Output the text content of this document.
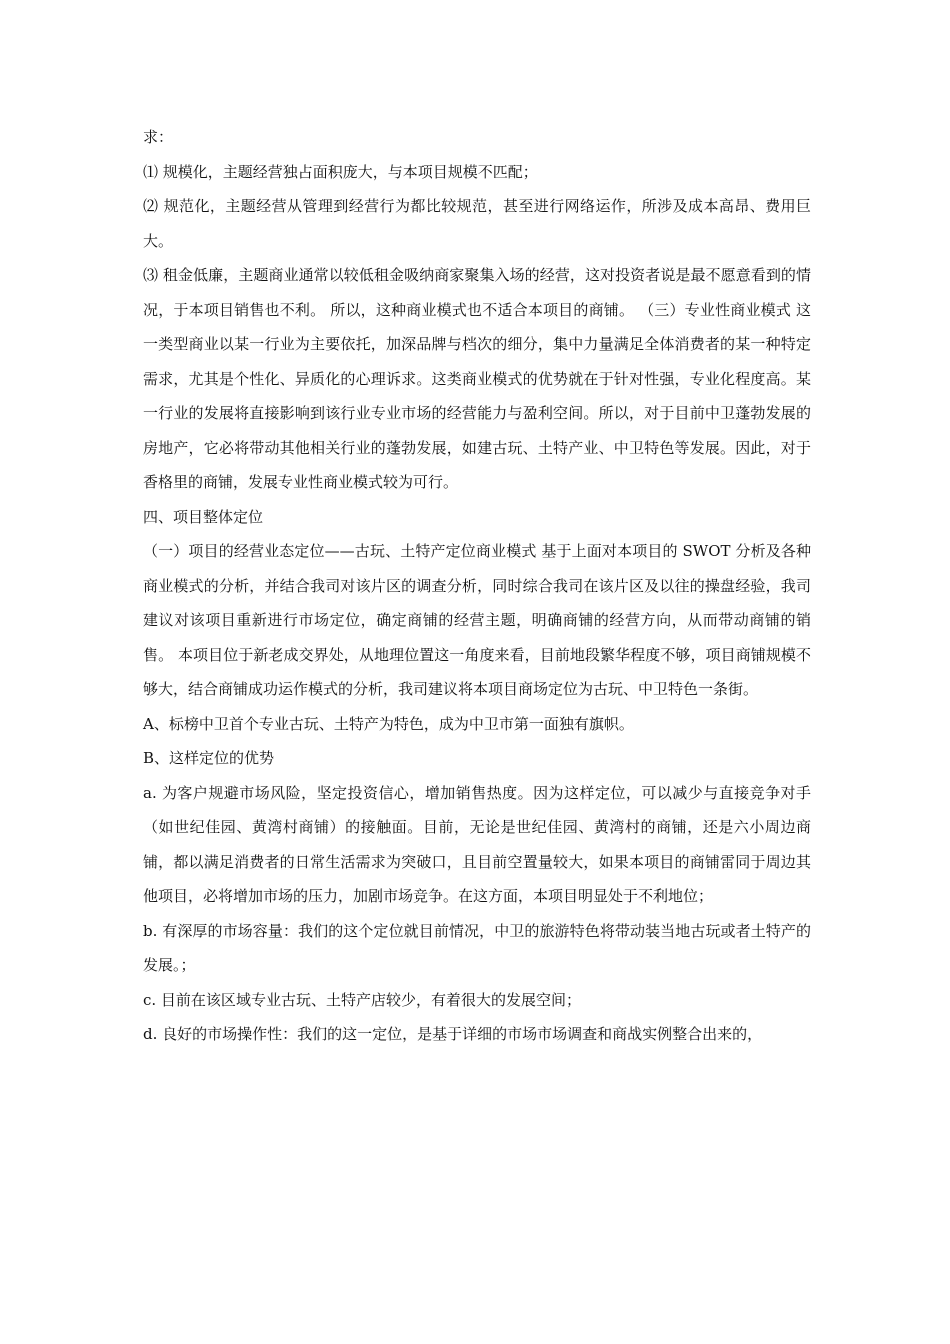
求：

⑴ 规模化，主题经营独占面积庞大，与本项目规模不匹配；

⑵ 规范化，主题经营从管理到经营行为都比较规范，甚至进行网络运作，所涉及成本高昂、费用巨大。

⑶ 租金低廉，主题商业通常以较低租金吸纳商家聚集入场的经营，这对投资者说是最不愿意看到的情况，于本项目销售也不利。 所以，这种商业模式也不适合本项目的商铺。 （三）专业性商业模式 这一类型商业以某一行业为主要依托，加深品牌与档次的细分，集中力量满足全体消费者的某一种特定需求，尤其是个性化、异质化的心理诉求。这类商业模式的优势就在于针对性强，专业化程度高。某一行业的发展将直接影响到该行业专业市场的经营能力与盈利空间。所以，对于目前中卫蓬勃发展的房地产，它必将带动其他相关行业的蓬勃发展，如建古玩、土特产业、中卫特色等发展。因此，对于香格里的商铺，发展专业性商业模式较为可行。

四、项目整体定位

（一）项目的经营业态定位——古玩、土特产定位商业模式 基于上面对本项目的 SWOT 分析及各种商业模式的分析，并结合我司对该片区的调查分析，同时综合我司在该片区及以往的操盘经验，我司建议对该项目重新进行市场定位，确定商铺的经营主题，明确商铺的经营方向，从而带动商铺的销售。 本项目位于新老成交界处，从地理位置这一角度来看，目前地段繁华程度不够，项目商铺规模不够大，结合商铺成功运作模式的分析，我司建议将本项目商场定位为古玩、中卫特色一条街。

A、标榜中卫首个专业古玩、土特产为特色，成为中卫市第一面独有旗帜。

B、这样定位的优势

a. 为客户规避市场风险，坚定投资信心，增加销售热度。因为这样定位，可以减少与直接竞争对手（如世纪佳园、黄湾村商铺）的接触面。目前，无论是世纪佳园、黄湾村的商铺，还是六小周边商铺，都以满足消费者的日常生活需求为突破口，且目前空置量较大，如果本项目的商铺雷同于周边其他项目，必将增加市场的压力，加剧市场竞争。在这方面，本项目明显处于不利地位；

b. 有深厚的市场容量：我们的这个定位就目前情况，中卫的旅游特色将带动装当地古玩或者土特产的发展。；

c. 目前在该区域专业古玩、土特产店较少，有着很大的发展空间；

d. 良好的市场操作性：我们的这一定位，是基于详细的市场市场调查和商战实例整合出来的，
